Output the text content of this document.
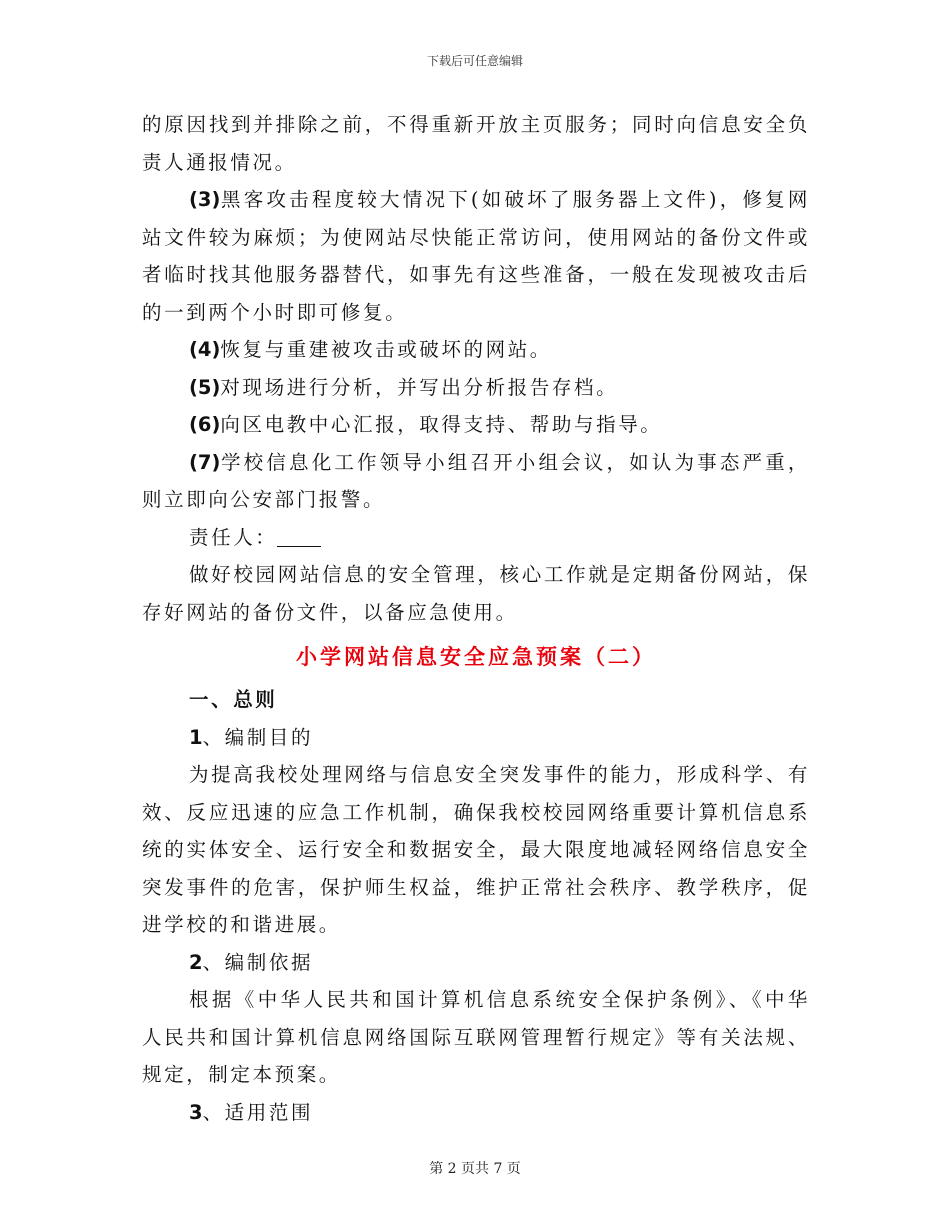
下载后可任意编辑

的原因找到并排除之前，不得重新开放主页服务；同时向信息安全负责人通报情况。

(3)黑客攻击程度较大情况下(如破坏了服务器上文件)，修复网站文件较为麻烦；为使网站尽快能正常访问，使用网站的备份文件或者临时找其他服务器替代，如事先有这些准备，一般在发现被攻击后的一到两个小时即可修复。

(4)恢复与重建被攻击或破坏的网站。

(5)对现场进行分析，并写出分析报告存档。

(6)向区电教中心汇报，取得支持、帮助与指导。

(7)学校信息化工作领导小组召开小组会议，如认为事态严重，则立即向公安部门报警。

责任人：

做好校园网站信息的安全管理，核心工作就是定期备份网站，保存好网站的备份文件，以备应急使用。

小学网站信息安全应急预案（二）

一、总则

1、编制目的

为提高我校处理网络与信息安全突发事件的能力，形成科学、有效、反应迅速的应急工作机制，确保我校校园网络重要计算机信息系统的实体安全、运行安全和数据安全，最大限度地减轻网络信息安全突发事件的危害，保护师生权益，维护正常社会秩序、教学秩序，促进学校的和谐进展。

2、编制依据

根据《中华人民共和国计算机信息系统安全保护条例》、《中华人民共和国计算机信息网络国际互联网管理暂行规定》等有关法规、规定，制定本预案。

3、适用范围

第 2 页共 7 页
